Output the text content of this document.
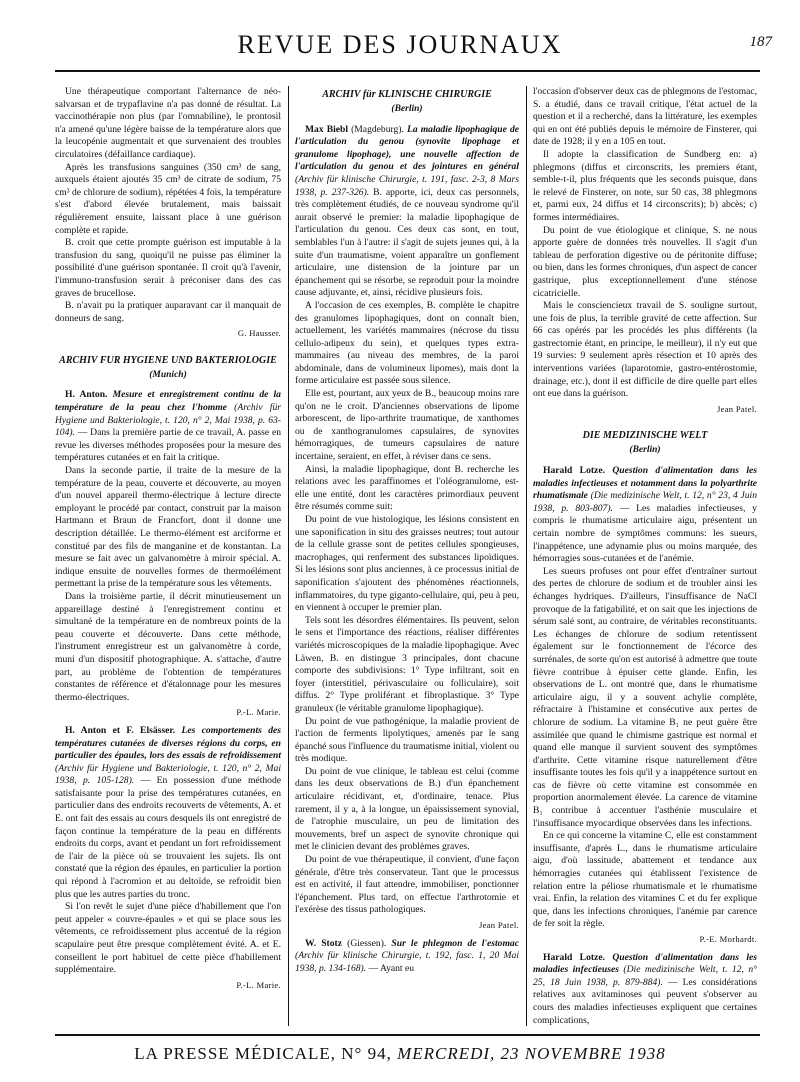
REVUE DES JOURNAUX	187

Une thérapeutique comportant l'alternance de néo-salvarsan et de trypaflavine n'a pas donné de résultat. La vaccinothérapie non plus (par l'omnabiline), le prontosil n'a amené qu'une légère baisse de la température alors que la leucopénie augmentait et que survenaient des troubles circulatoires (défaillance cardiaque).

Après les transfusions sanguines (350 cm³ de sang, auxquels étaient ajoutés 35 cm³ de citrate de sodium, 75 cm³ de chlorure de sodium), répétées 4 fois, la température s'est d'abord élevée brutalement, mais baissait régulièrement ensuite, laissant place à une guérison complète et rapide.

B. croit que cette prompte guérison est imputable à la transfusion du sang, quoiqu'il ne puisse pas éliminer la possibilité d'une guérison spontanée. Il croit qu'à l'avenir, l'immuno-transfusion serait à préconiser dans des cas graves de brucellose.

B. n'avait pu la pratiquer auparavant car il manquait de donneurs de sang.

G. Hausser.
ARCHIV FUR HYGIENE UND BAKTERIOLOGIE
(Munich)

H. Anton. Mesure et enregistrement continu de la température de la peau chez l'homme (Archiv für Hygiene und Bakteriologie, t. 120, n° 2, Mai 1938, p. 63-104). — Dans la première partie de ce travail, A. passe en revue les diverses méthodes proposées pour la mesure des températures cutanées et en fait la critique.

Dans la seconde partie, il traite de la mesure de la température de la peau, couverte et découverte, au moyen d'un nouvel appareil thermo-électrique à lecture directe employant le procédé par contact, construit par la maison Hartmann et Braun de Francfort, dont il donne une description détaillée. Le thermo-élément est arciforme et constitué par des fils de manganine et de konstantan. La mesure se fait avec un galvanomètre à miroir spécial. A. indique ensuite de nouvelles formes de thermoélément permettant la prise de la température sous les vêtements.

Dans la troisième partie, il décrit minutieusement un appareillage destiné à l'enregistrement continu et simultané de la température en de nombreux points de la peau couverte et découverte. Dans cette méthode, l'instrument enregistreur est un galvanomètre à corde, muni d'un dispositif photographique. A. s'attache, d'autre part, au problème de l'obtention de températures constantes de référence et d'étalonnage pour les mesures thermo-électriques.

P.-L. Marie.

H. Anton et F. Elsässer. Les comportements des températures cutanées de diverses régions du corps, en particulier des épaules, lors des essais de refroidissement (Archiv für Hygiene und Bakteriologie, t. 120, n° 2, Mai 1938, p. 105-128). — En possession d'une méthode satisfaisante pour la prise des températures cutanées, en particulier dans des endroits recouverts de vêtements, A. et E. ont fait des essais au cours desquels ils ont enregistré de façon continue la température de la peau en différents endroits du corps, avant et pendant un fort refroidissement de l'air de la pièce où se trouvaient les sujets. Ils ont constaté que la région des épaules, en particulier la portion qui répond à l'acromion et au deltoïde, se refroidit bien plus que les autres parties du tronc.

Si l'on revêt le sujet d'une pièce d'habillement que l'on peut appeler « couvre-épaules » et qui se place sous les vêtements, ce refroidissement plus accentué de la région scapulaire peut être presque complètement évité. A. et E. conseillent le port habituel de cette pièce d'habillement supplémentaire.

P.-L. Marie.
ARCHIV für KLINISCHE CHIRURGIE
(Berlin)

Max Biebl (Magdeburg). La maladie lipophagique de l'articulation du genou (synovite lipophage et granulome lipophage), une nouvelle affection de l'articulation du genou et des jointures en général (Archiv für klinische Chirurgie, t. 191, fasc. 2-3, 8 Mars 1938, p. 237-326). B. apporte, ici, deux cas personnels, très complètement étudiés, de ce nouveau syndrome qu'il aurait observé le premier: la maladie lipophagique de l'articulation du genou. Ces deux cas sont, en tout, semblables l'un à l'autre: il s'agit de sujets jeunes qui, à la suite d'un traumatisme, voient apparaître un gonflement articulaire, une distension de la jointure par un épanchement qui se résorbe, se reproduit pour la moindre cause adjuvante, et, ainsi, récidive plusieurs fois.

A l'occasion de ces exemples, B. complète le chapitre des granulomes lipophagiques, dont on connaît bien, actuellement, les variétés mammaires (nécrose du tissu cellulo-adipeux du sein), et quelques types extra-mammaires (au niveau des membres, de la paroi abdominale, dans de volumineux lipomes), mais dont la forme articulaire est passée sous silence.

Elle est, pourtant, aux yeux de B., beaucoup moins rare qu'on ne le croit. D'anciennes observations de lipome arborescent, de lipo-arthrite traumatique, de xanthomes ou de xanthogranulomes capsulaires, de synovites hémorragiques, de tumeurs capsulaires de nature incertaine, seraient, en effet, à réviser dans ce sens.

Ainsi, la maladie lipophagique, dont B. recherche les relations avec les paraffinomes et l'oléogranulome, est-elle une entité, dont les caractères primordiaux peuvent être résumés comme suit:

Du point de vue histologique, les lésions consistent en une saponification in situ des graisses neutres; tout autour de la cellule grasse sont de petites cellules spongieuses, macrophages, qui renferment des substances lipoïdiques. Si les lésions sont plus anciennes, à ce processus initial de saponification s'ajoutent des phénomènes réactionnels, inflammatoires, du type giganto-cellulaire, qui, peu à peu, en viennent à occuper le premier plan.

Tels sont les désordres élémentaires. Ils peuvent, selon le sens et l'importance des réactions, réaliser différentes variétés microscopiques de la maladie lipophagique. Avec Läwen, B. en distingue 3 principales, dont chacune comporte des subdivisions: 1° Type infiltrant, soit en foyer (interstitiel, périvasculaire ou folliculaire), soit diffus. 2° Type proliférant et fibroplastique. 3° Type granuleux (le véritable granulome lipophagique).

Du point de vue pathogénique, la maladie provient de l'action de ferments lipolytiques, amenés par le sang épanché sous l'influence du traumatisme initial, violent ou très modique.

Du point de vue clinique, le tableau est celui (comme dans les deux observations de B.) d'un épanchement articulaire récidivant, et, d'ordinaire, tenace. Plus rarement, il y a, à la longue, un épaississement synovial, de l'atrophie musculaire, un peu de limitation des mouvements, bref un aspect de synovite chronique qui met le clinicien devant des problèmes graves.

Du point de vue thérapeutique, il convient, d'une façon générale, d'être très conservateur. Tant que le processus est en activité, il faut attendre, immobiliser, ponctionner l'épanchement. Plus tard, on effectue l'arthrotomie et l'exérèse des tissus pathologiques.

Jean Patel.

W. Stotz (Giessen). Sur le phlegmon de l'estomac (Archiv für klinische Chirurgie, t. 192, fasc. 1, 20 Mai 1938, p. 134-168). — Ayant eu

l'occasion d'observer deux cas de phlegmons de l'estomac, S. a étudié, dans ce travail critique, l'état actuel de la question et il a recherché, dans la littérature, les exemples qui en ont été publiés depuis le mémoire de Finsterer, qui date de 1928; il y en a 105 en tout.

Il adopte la classification de Sundberg en: a) phlegmons (diffus et circonscrits, les premiers étant, semble-t-il, plus fréquents que les seconds puisque, dans le relevé de Finsterer, on note, sur 50 cas, 38 phlegmons et, parmi eux, 24 diffus et 14 circonscrits); b) abcès; c) formes intermédiaires.

Du point de vue étiologique et clinique, S. ne nous apporte guère de données très nouvelles. Il s'agit d'un tableau de perforation digestive ou de péritonite diffuse; ou bien, dans les formes chroniques, d'un aspect de cancer gastrique, plus exceptionnellement d'une sténose cicatricielle.

Mais le consciencieux travail de S. souligne surtout, une fois de plus, la terrible gravité de cette affection. Sur 66 cas opérés par les procédés les plus différents (la gastrectomie étant, en principe, le meilleur), il n'y eut que 19 survies: 9 seulement après résection et 10 après des interventions variées (laparotomie, gastro-entérostomie, drainage, etc.), dont il est difficile de dire quelle part elles ont eue dans la guérison.

Jean Patel.
DIE MEDIZINISCHE WELT
(Berlin)

Harald Lotze. Question d'alimentation dans les maladies infectieuses et notamment dans la polyarthrite rhumatismale (Die medizinische Welt, t. 12, n° 23, 4 Juin 1938, p. 803-807). — Les maladies infectieuses, y compris le rhumatisme articulaire aigu, présentent un certain nombre de symptômes communs: les sueurs, l'inappétence, une adynamie plus ou moins marquée, des hémorragies sous-cutanées et de l'anémie.

Les sueurs profuses ont pour effet d'entraîner surtout des pertes de chlorure de sodium et de troubler ainsi les échanges hydriques. D'ailleurs, l'insuffisance de NaCl provoque de la fatigabilité, et on sait que les injections de sérum salé sont, au contraire, de véritables reconstituants. Les échanges de chlorure de sodium retentissent également sur le fonctionnement de l'écorce des surrénales, de sorte qu'on est autorisé à admettre que toute fièvre contribue à épuiser cette glande. Enfin, les observations de L. ont montré que, dans le rhumatisme articulaire aigu, il y a souvent achylie complète, réfractaire à l'histamine et consécutive aux pertes de chlorure de sodium. La vitamine B₁ ne peut guère être assimilée que quand le chimisme gastrique est normal et quand elle manque il survient souvent des symptômes d'arthrite. Cette vitamine risque naturellement d'être insuffisante toutes les fois qu'il y a inappétence surtout en cas de fièvre où cette vitamine est consommée en proportion anormalement élevée. La carence de vitamine B₁ contribue à accentuer l'asthénie musculaire et l'insuffisance myocardique observées dans les infections.

En ce qui concerne la vitamine C, elle est constamment insuffisante, d'après L., dans le rhumatisme articulaire aigu, d'où lassitude, abattement et tendance aux hémorragies cutanées qui établissent l'existence de relation entre la péliose rhumatismale et le rhumatisme vrai. Enfin, la relation des vitamines C et du fer explique que, dans les infections chroniques, l'anémie par carence de fer soit la règle.

P.-E. Morhardt.

Harald Lotze. Question d'alimentation dans les maladies infectieuses (Die medizinische Welt, t. 12, n° 25, 18 Juin 1938, p. 879-884). — Les considérations relatives aux avitaminoses qui peuvent s'observer au cours des maladies infectieuses expliquent que certaines complications,

LA PRESSE MÉDICALE, N° 94, MERCREDI, 23 NOVEMBRE 1938
